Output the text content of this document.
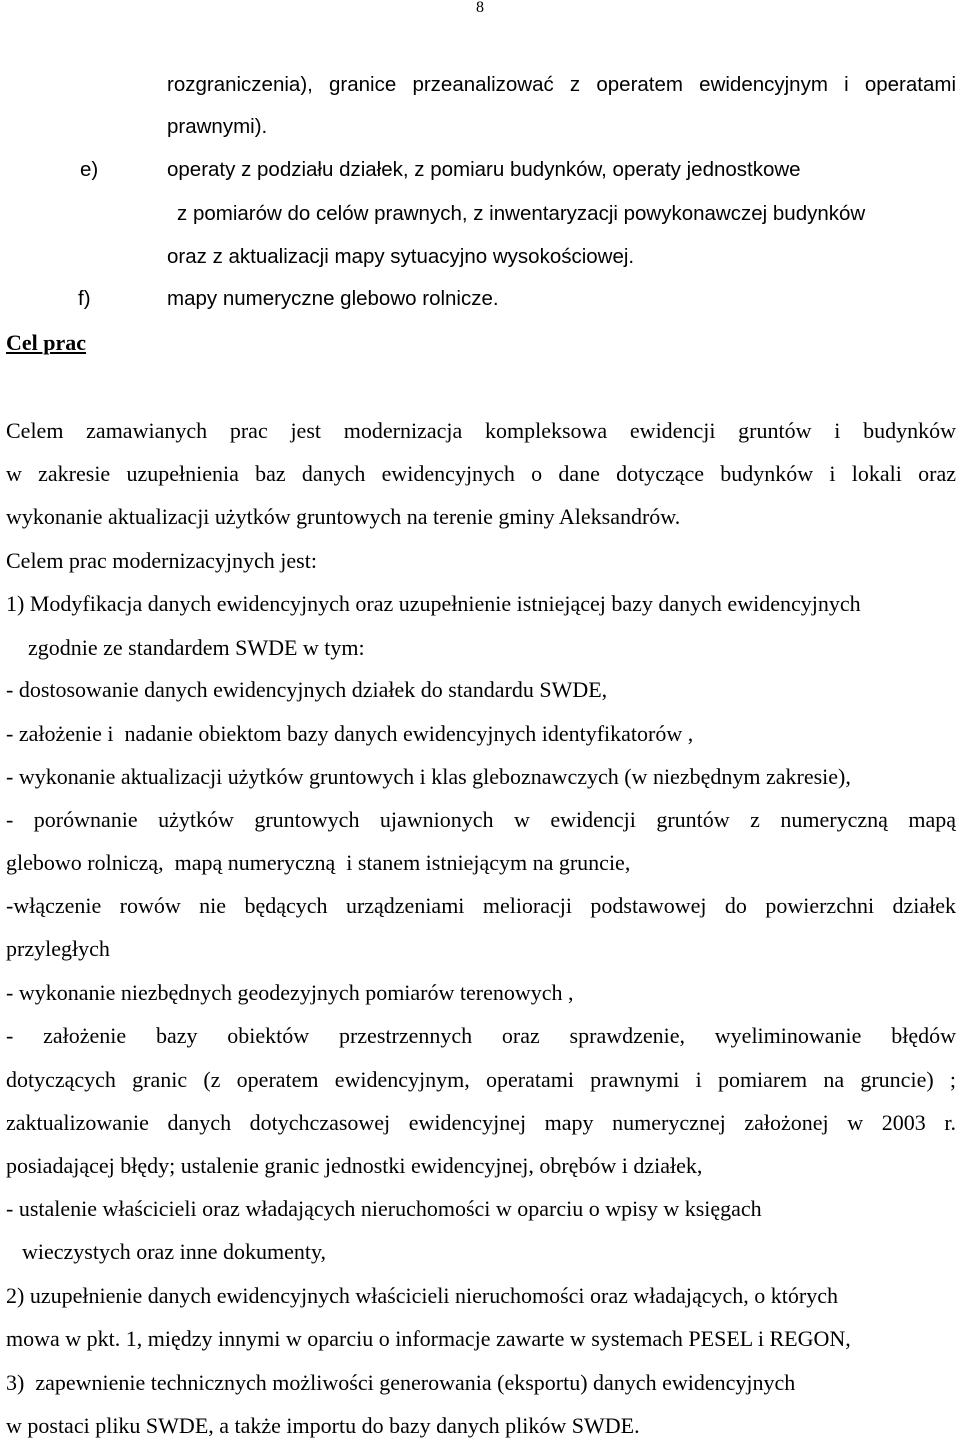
8
rozgraniczenia), granice przeanalizować z operatem ewidencyjnym i operatami
prawnymi).
e)	operaty z podziału działek, z pomiaru budynków, operaty jednostkowe
z pomiarów do celów prawnych, z inwentaryzacji powykonawczej budynków
oraz z aktualizacji mapy sytuacyjno wysokościowej.
f)	mapy numeryczne glebowo rolnicze.
Cel prac
Celem zamawianych prac jest modernizacja kompleksowa ewidencji gruntów i budynków
w zakresie uzupełnienia baz danych ewidencyjnych o dane dotyczące budynków i lokali oraz
wykonanie aktualizacji użytków gruntowych na terenie gminy Aleksandrów.
Celem prac modernizacyjnych jest:
1) Modyfikacja danych ewidencyjnych oraz uzupełnienie istniejącej bazy danych ewidencyjnych
zgodnie ze standardem SWDE w tym:
- dostosowanie danych ewidencyjnych działek do standardu SWDE,
- założenie i  nadanie obiektom bazy danych ewidencyjnych identyfikatorów ,
- wykonanie aktualizacji użytków gruntowych i klas gleboznawczych (w niezbędnym zakresie),
- porównanie użytków gruntowych ujawnionych w ewidencji gruntów z numeryczną mapą
glebowo rolniczą,  mapą numeryczną  i stanem istniejącym na gruncie,
-włączenie rowów nie będących urządzeniami melioracji podstawowej do powierzchni działek
przyległych
- wykonanie niezbędnych geodezyjnych pomiarów terenowych ,
- założenie bazy obiektów przestrzennych oraz sprawdzenie, wyeliminowanie błędów
dotyczących granic (z operatem ewidencyjnym, operatami prawnymi i pomiarem na gruncie) ;
zaktualizowanie danych dotychczasowej ewidencyjnej mapy numerycznej założonej w 2003 r.
posiadającej błędy; ustalenie granic jednostki ewidencyjnej, obrębów i działek,
- ustalenie właścicieli oraz władających nieruchomości w oparciu o wpisy w księgach
wieczystych oraz inne dokumenty,
2) uzupełnienie danych ewidencyjnych właścicieli nieruchomości oraz władających, o których
mowa w pkt. 1, między innymi w oparciu o informacje zawarte w systemach PESEL i REGON,
3)  zapewnienie technicznych możliwości generowania (eksportu) danych ewidencyjnych
w postaci pliku SWDE, a także importu do bazy danych plików SWDE.
